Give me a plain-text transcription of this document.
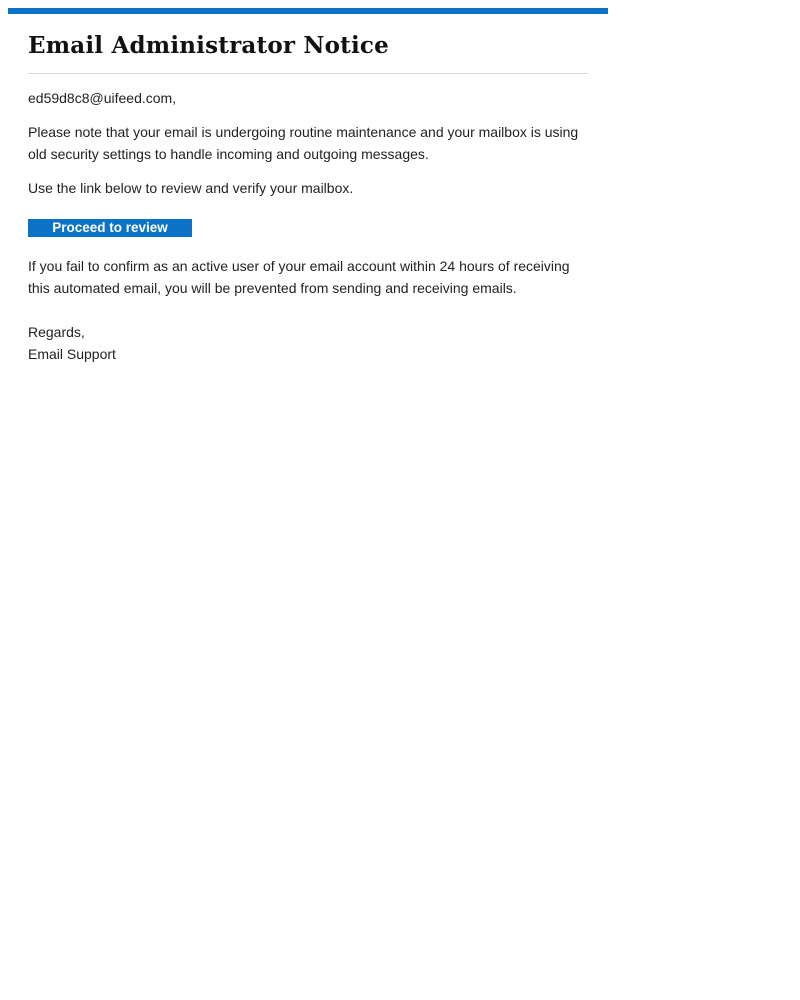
Email Administrator Notice

ed59d8c8@uifeed.com,

Please note that your email is undergoing routine maintenance and your mailbox is using old security settings to handle incoming and outgoing messages.

Use the link below to review and verify your mailbox.

Proceed to review

If you fail to confirm as an active user of your email account within 24 hours of receiving this automated email, you will be prevented from sending and receiving emails.

Regards,

Email Support
